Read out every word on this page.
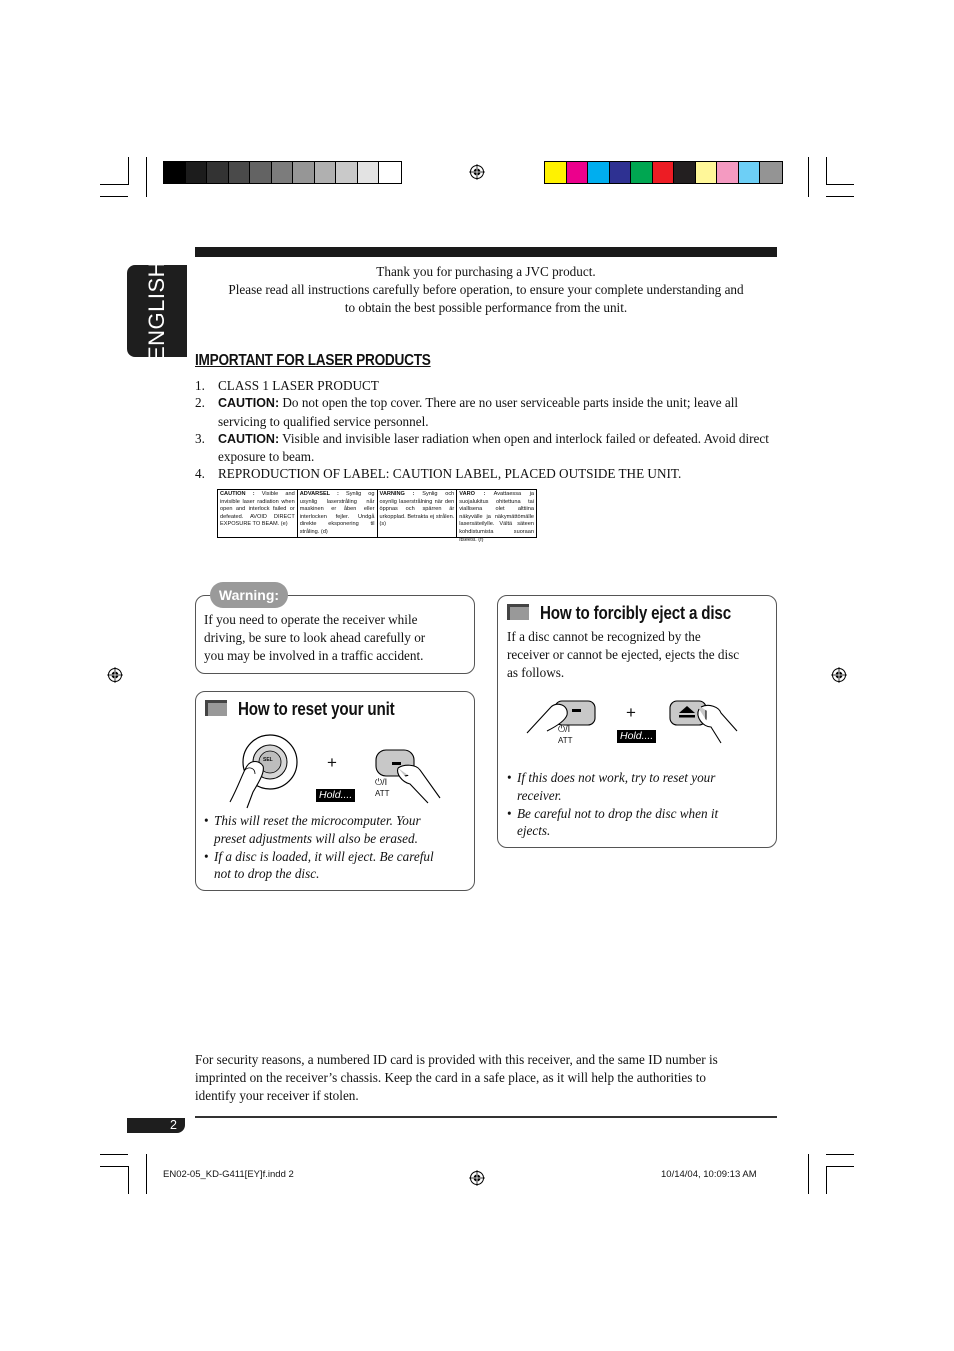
ENGLISH	Thank you for purchasing a JVC product.
Please read all instructions carefully before operation, to ensure your complete understanding and
to obtain the best possible performance from the unit.
IMPORTANT FOR LASER PRODUCTS
1. CLASS 1 LASER PRODUCT
2. CAUTION: Do not open the top cover. There are no user serviceable parts inside the unit; leave all servicing to qualified service personnel.
3. CAUTION: Visible and invisible laser radiation when open and interlock failed or defeated. Avoid direct exposure to beam.
4. REPRODUCTION OF LABEL: CAUTION LABEL, PLACED OUTSIDE THE UNIT.
CAUTION : Visible and invisible laser radiation when open and interlock failed or defeated. AVOID DIRECT EXPOSURE TO BEAM. (e)
ADVARSEL : Synlig og usynlig laserstråling når maskinen er åben eller interlocken fejler. Undgå direkte eksponering til stråling. (d)
VARNING : Synlig och osynlig laserstrålning när den öppnas och spärren är urkopplad. Betrakta ej strålen. (s)
VARO : Avattaessa ja suojalukitus ohitettuna tai viallisena olet alttiina näkyvälle ja näkymättömälle lasersäteilylle. Vältä säteen kohdistumista suoraan itseesi. (f)
Warning:
If you need to operate the receiver while
driving, be sure to look ahead carefully or
you may be involved in a traffic accident.
How to reset your unit
SEL	+
⏻/I
ATT
Hold....
• This will reset the microcomputer. Your
preset adjustments will also be erased.
• If a disc is loaded, it will eject. Be careful
not to drop the disc.
How to forcibly eject a disc
If a disc cannot be recognized by the
receiver or cannot be ejected, ejects the disc
as follows.
⏻/I
ATT
+
Hold....
• If this does not work, try to reset your
receiver.
• Be careful not to drop the disc when it
ejects.
For security reasons, a numbered ID card is provided with this receiver, and the same ID number is
imprinted on the receiver’s chassis. Keep the card in a safe place, as it will help the authorities to
identify your receiver if stolen.
2
EN02-05_KD-G411[EY]f.indd 2	10/14/04, 10:09:13 AM
